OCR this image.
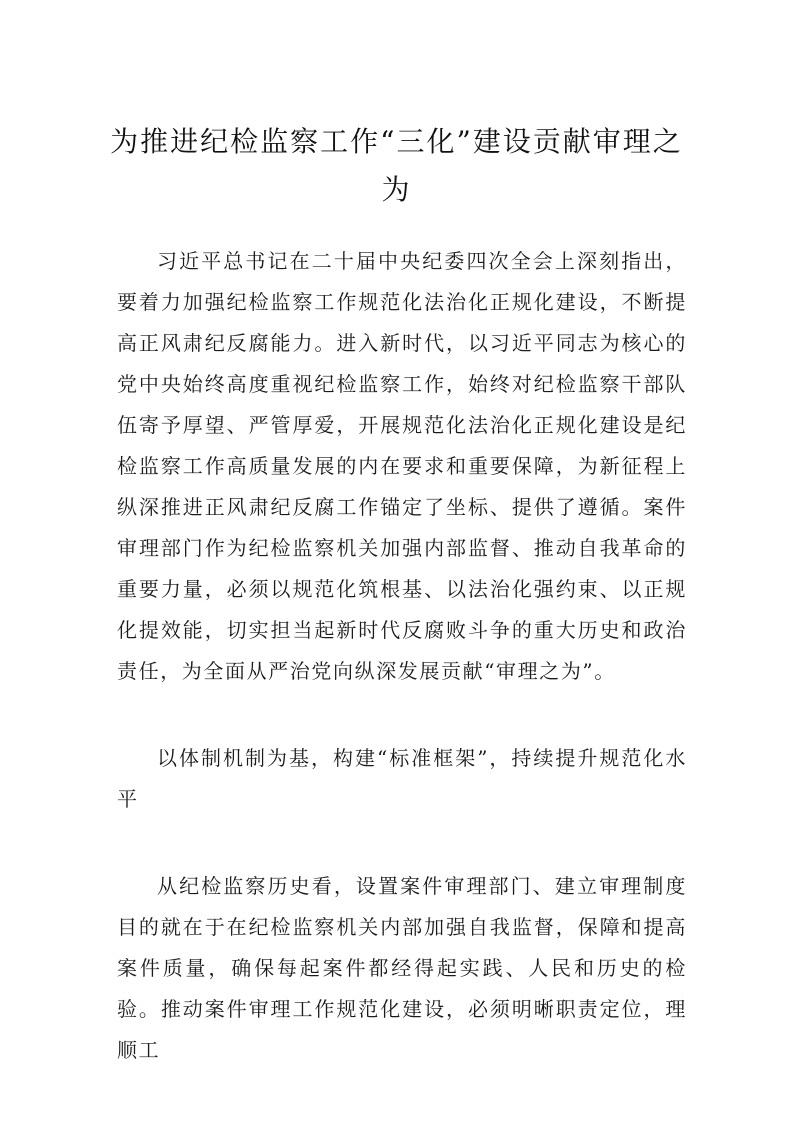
为推进纪检监察工作“三化”建设贡献审理之为

习近平总书记在二十届中央纪委四次全会上深刻指出，要着力加强纪检监察工作规范化法治化正规化建设，不断提高正风肃纪反腐能力。进入新时代，以习近平同志为核心的党中央始终高度重视纪检监察工作，始终对纪检监察干部队伍寄予厚望、严管厚爱，开展规范化法治化正规化建设是纪检监察工作高质量发展的内在要求和重要保障，为新征程上纵深推进正风肃纪反腐工作锚定了坐标、提供了遵循。案件审理部门作为纪检监察机关加强内部监督、推动自我革命的重要力量，必须以规范化筑根基、以法治化强约束、以正规化提效能，切实担当起新时代反腐败斗争的重大历史和政治责任，为全面从严治党向纵深发展贡献“审理之为”。

以体制机制为基，构建“标准框架”，持续提升规范化水平

从纪检监察历史看，设置案件审理部门、建立审理制度目的就在于在纪检监察机关内部加强自我监督，保障和提高案件质量，确保每起案件都经得起实践、人民和历史的检验。推动案件审理工作规范化建设，必须明晰职责定位，理顺工
